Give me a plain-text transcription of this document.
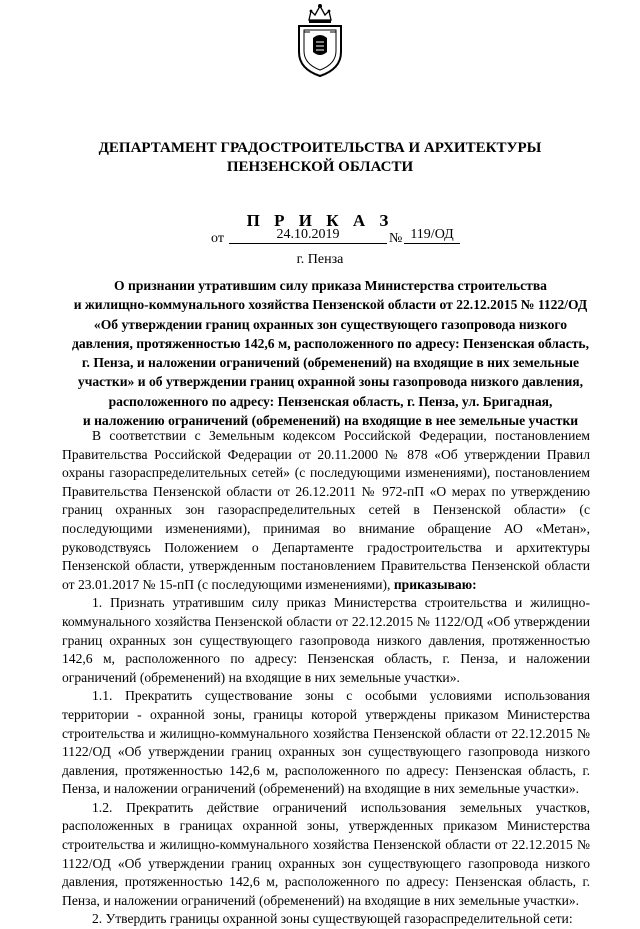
ДЕПАРТАМЕНТ ГРАДОСТРОИТЕЛЬСТВА И АРХИТЕКТУРЫ
ПЕНЗЕНСКОЙ ОБЛАСТИ
П Р И К А З
от	24.10.2019	№ 119/ОД
г. Пенза
О признании утратившим силу приказа Министерства строительства
и жилищно-коммунального хозяйства Пензенской области от 22.12.2015 № 1122/ОД
«Об утверждении границ охранных зон существующего газопровода низкого
давления, протяженностью 142,6 м, расположенного по адресу: Пензенская область,
г. Пенза, и наложении ограничений (обременений) на входящие в них земельные
участки» и об утверждении границ охранной зоны газопровода низкого давления,
расположенного по адресу: Пензенская область, г. Пенза, ул. Бригадная,
и наложению ограничений (обременений) на входящие в нее земельные участки

В соответствии с Земельным кодексом Российской Федерации, постановлением Правительства Российской Федерации от 20.11.2000 № 878 «Об утверждении Правил охраны газораспределительных сетей» (с последующими изменениями), постановлением Правительства Пензенской области от 26.12.2011 № 972-пП «О мерах по утверждению границ охранных зон газораспределительных сетей в Пензенской области» (с последующими изменениями), принимая во внимание обращение АО «Метан», руководствуясь Положением о Департаменте градостроительства и архитектуры Пензенской области, утвержденным постановлением Правительства Пензенской области от 23.01.2017 № 15-пП (с последующими изменениями), приказываю:

1. Признать утратившим силу приказ Министерства строительства и жилищно-коммунального хозяйства Пензенской области от 22.12.2015 № 1122/ОД «Об утверждении границ охранных зон существующего газопровода низкого давления, протяженностью 142,6 м, расположенного по адресу: Пензенская область, г. Пенза, и наложении ограничений (обременений) на входящие в них земельные участки».

1.1. Прекратить существование зоны с особыми условиями использования территории - охранной зоны, границы которой утверждены приказом Министерства строительства и жилищно-коммунального хозяйства Пензенской области от 22.12.2015 № 1122/ОД «Об утверждении границ охранных зон существующего газопровода низкого давления, протяженностью 142,6 м, расположенного по адресу: Пензенская область, г. Пенза, и наложении ограничений (обременений) на входящие в них земельные участки».

1.2. Прекратить действие ограничений использования земельных участков, расположенных в границах охранной зоны, утвержденных приказом Министерства строительства и жилищно-коммунального хозяйства Пензенской области от 22.12.2015 № 1122/ОД «Об утверждении границ охранных зон существующего газопровода низкого давления, протяженностью 142,6 м, расположенного по адресу: Пензенская область, г. Пенза, и наложении ограничений (обременений) на входящие в них земельные участки».

2. Утвердить границы охранной зоны существующей газораспределительной сети:
